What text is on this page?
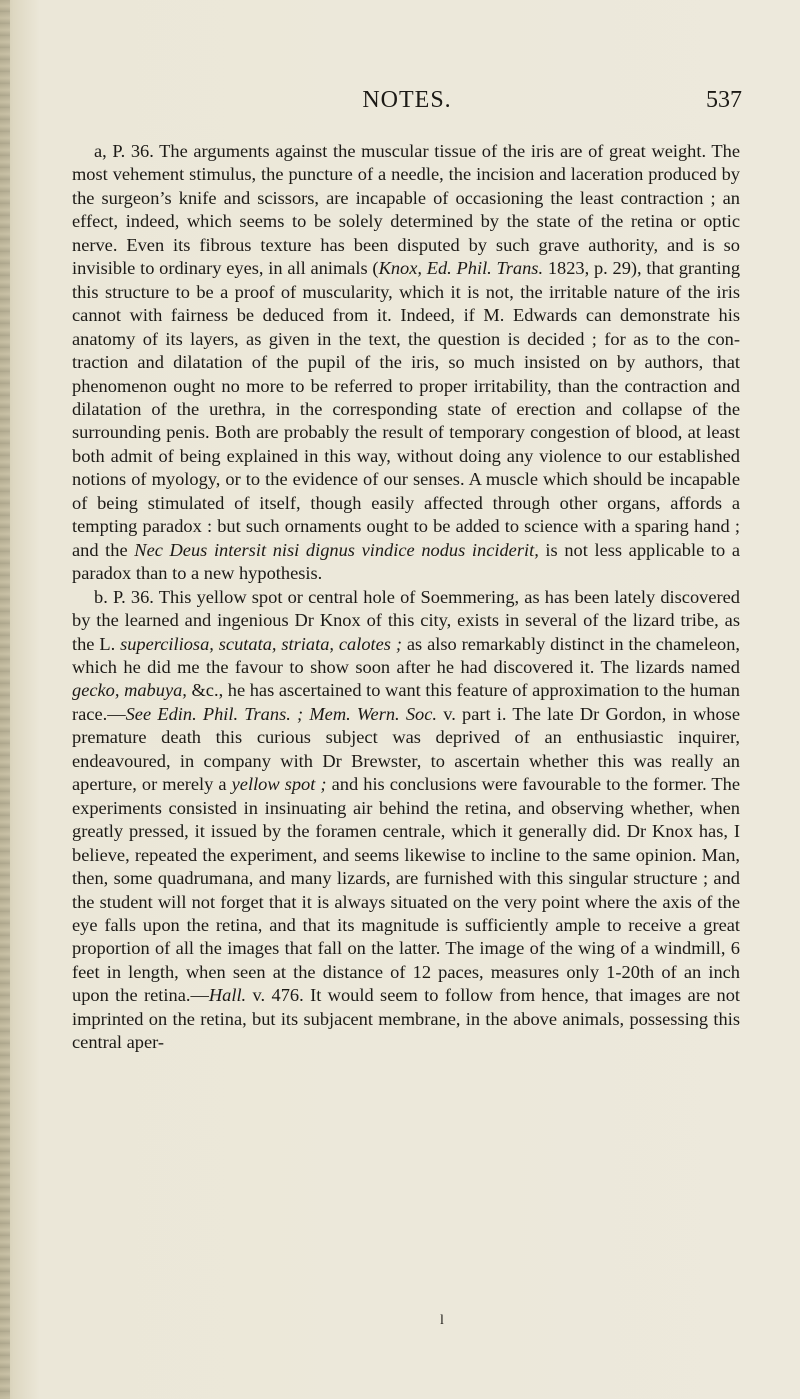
NOTES.	537

a, P. 36. The arguments against the muscular tissue of the iris are of great weight. The most vehement stimulus, the puncture of a needle, the incision and laceration produced by the surgeon’s knife and scissors, are incapable of occasioning the least contraction ; an effect, indeed, which seems to be solely determined by the state of the retina or optic nerve. Even its fibrous texture has been disputed by such grave authority, and is so invisible to ordinary eyes, in all animals (Knox, Ed. Phil. Trans. 1823, p. 29), that granting this structure to be a proof of muscularity, which it is not, the irritable nature of the iris cannot with fairness be deduced from it. Indeed, if M. Edwards can demonstrate his anatomy of its layers, as given in the text, the question is decided ; for as to the contraction and dilatation of the pupil of the iris, so much insisted on by authors, that phenomenon ought no more to be referred to proper irritability, than the contraction and dilatation of the urethra, in the corresponding state of erection and collapse of the surrounding penis. Both are probably the result of temporary congestion of blood, at least both admit of being explained in this way, without doing any violence to our established notions of myology, or to the evidence of our senses. A muscle which should be incapable of being stimulated of itself, though easily affected through other organs, affords a tempting paradox : but such ornaments ought to be added to science with a sparing hand ; and the Nec Deus intersit nisi dignus vindice nodus inciderit, is not less applicable to a paradox than to a new hypothesis.

b. P. 36. This yellow spot or central hole of Soemmering, as has been lately discovered by the learned and ingenious Dr Knox of this city, exists in several of the lizard tribe, as the L. superciliosa, scutata, striata, calotes ; as also remarkably distinct in the chameleon, which he did me the favour to show soon after he had discovered it. The lizards named gecko, mabuya, &c., he has ascertained to want this feature of approximation to the human race.—See Edin. Phil. Trans. ; Mem. Wern. Soc. v. part i. The late Dr Gordon, in whose premature death this curious subject was deprived of an enthusiastic inquirer, endeavoured, in company with Dr Brewster, to ascertain whether this was really an aperture, or merely a yellow spot ; and his conclusions were favourable to the former. The experiments consisted in insinuating air behind the retina, and observing whether, when greatly pressed, it issued by the foramen centrale, which it generally did. Dr Knox has, I believe, repeated the experiment, and seems likewise to incline to the same opinion. Man, then, some quadrumana, and many lizards, are furnished with this singular structure ; and the student will not forget that it is always situated on the very point where the axis of the eye falls upon the retina, and that its magnitude is sufficiently ample to receive a great proportion of all the images that fall on the latter. The image of the wing of a windmill, 6 feet in length, when seen at the distance of 12 paces, measures only 1-20th of an inch upon the retina.—Hall. v. 476. It would seem to follow from hence, that images are not imprinted on the retina, but its subjacent membrane, in the above animals, possessing this central aper-

l
